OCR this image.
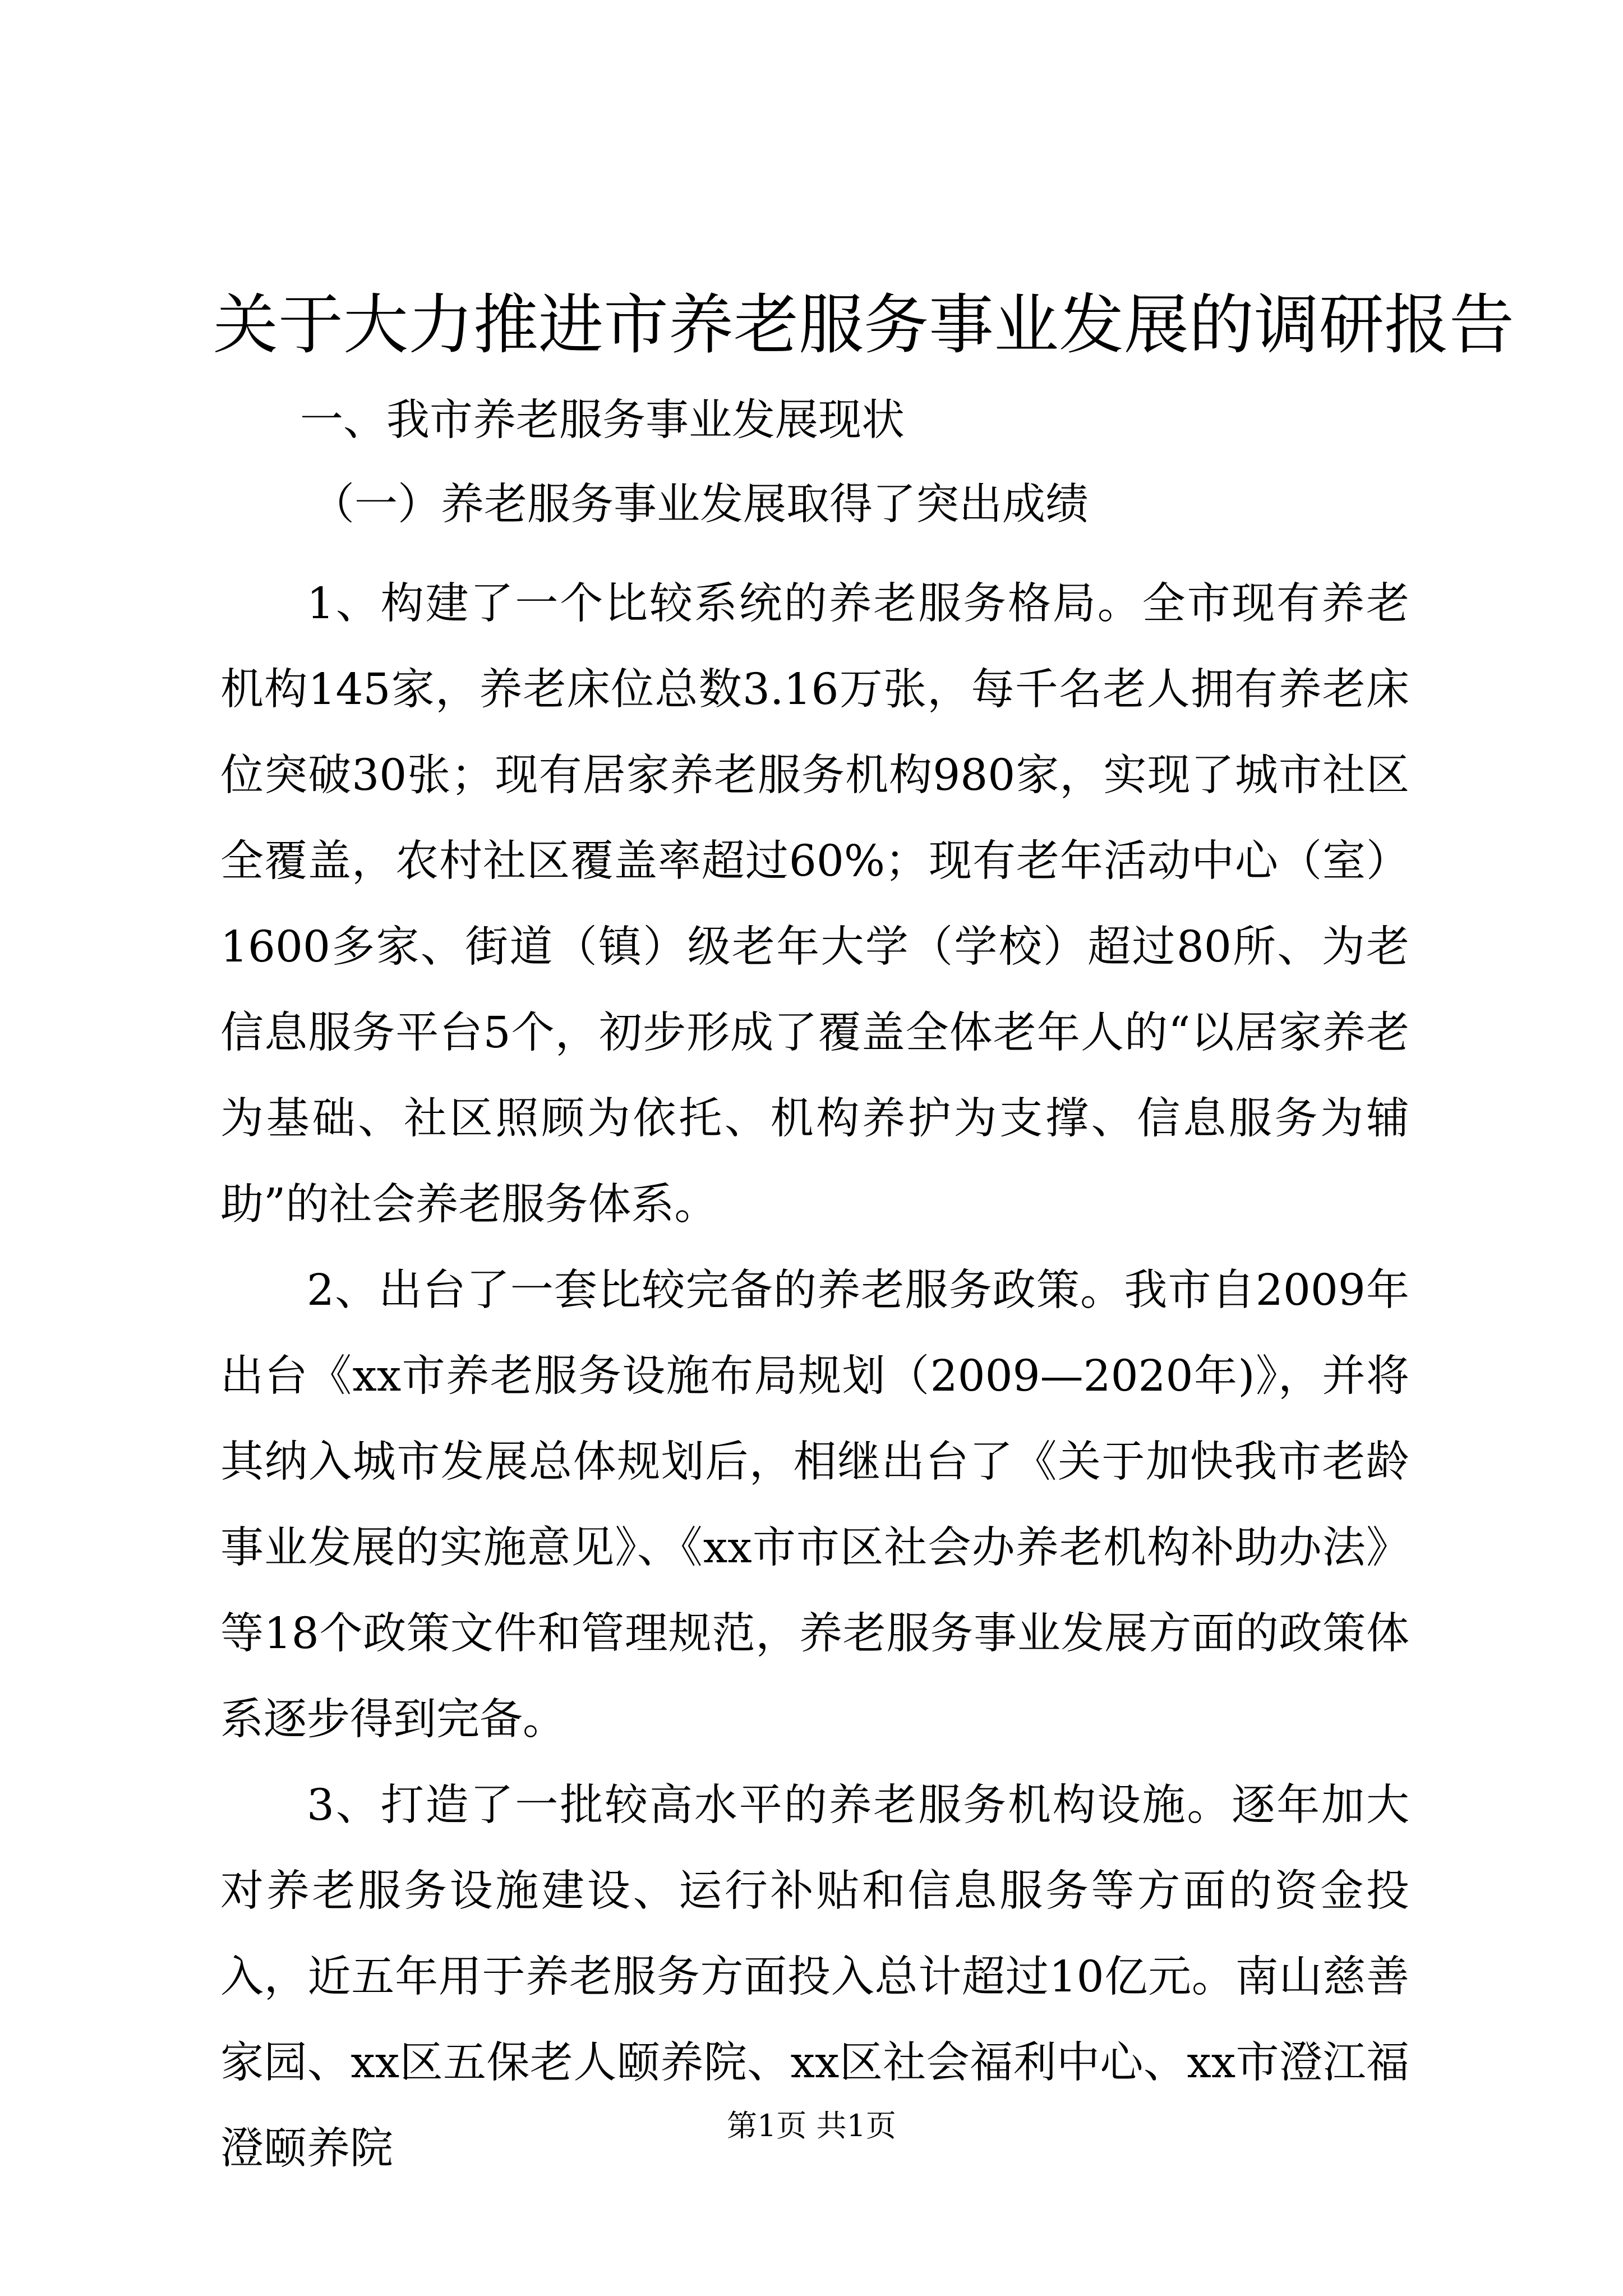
关于大力推进市养老服务事业发展的调研报告

一、我市养老服务事业发展现状

（一）养老服务事业发展取得了突出成绩

1、构建了一个比较系统的养老服务格局。全市现有养老机构145家，养老床位总数3.16万张，每千名老人拥有养老床位突破30张；现有居家养老服务机构980家，实现了城市社区全覆盖，农村社区覆盖率超过60%；现有老年活动中心（室）1600多家、街道（镇）级老年大学（学校）超过80所、为老信息服务平台5个，初步形成了覆盖全体老年人的“以居家养老为基础、社区照顾为依托、机构养护为支撑、信息服务为辅助”的社会养老服务体系。

2、出台了一套比较完备的养老服务政策。我市自2009年出台《xx市养老服务设施布局规划（2009—2020年)》，并将其纳入城市发展总体规划后，相继出台了《关于加快我市老龄事业发展的实施意见》、《xx市市区社会办养老机构补助办法》等18个政策文件和管理规范，养老服务事业发展方面的政策体系逐步得到完备。

3、打造了一批较高水平的养老服务机构设施。逐年加大对养老服务设施建设、运行补贴和信息服务等方面的资金投入，近五年用于养老服务方面投入总计超过10亿元。南山慈善家园、xx区五保老人颐养院、xx区社会福利中心、xx市澄江福澄颐养院	第1页 共1页
